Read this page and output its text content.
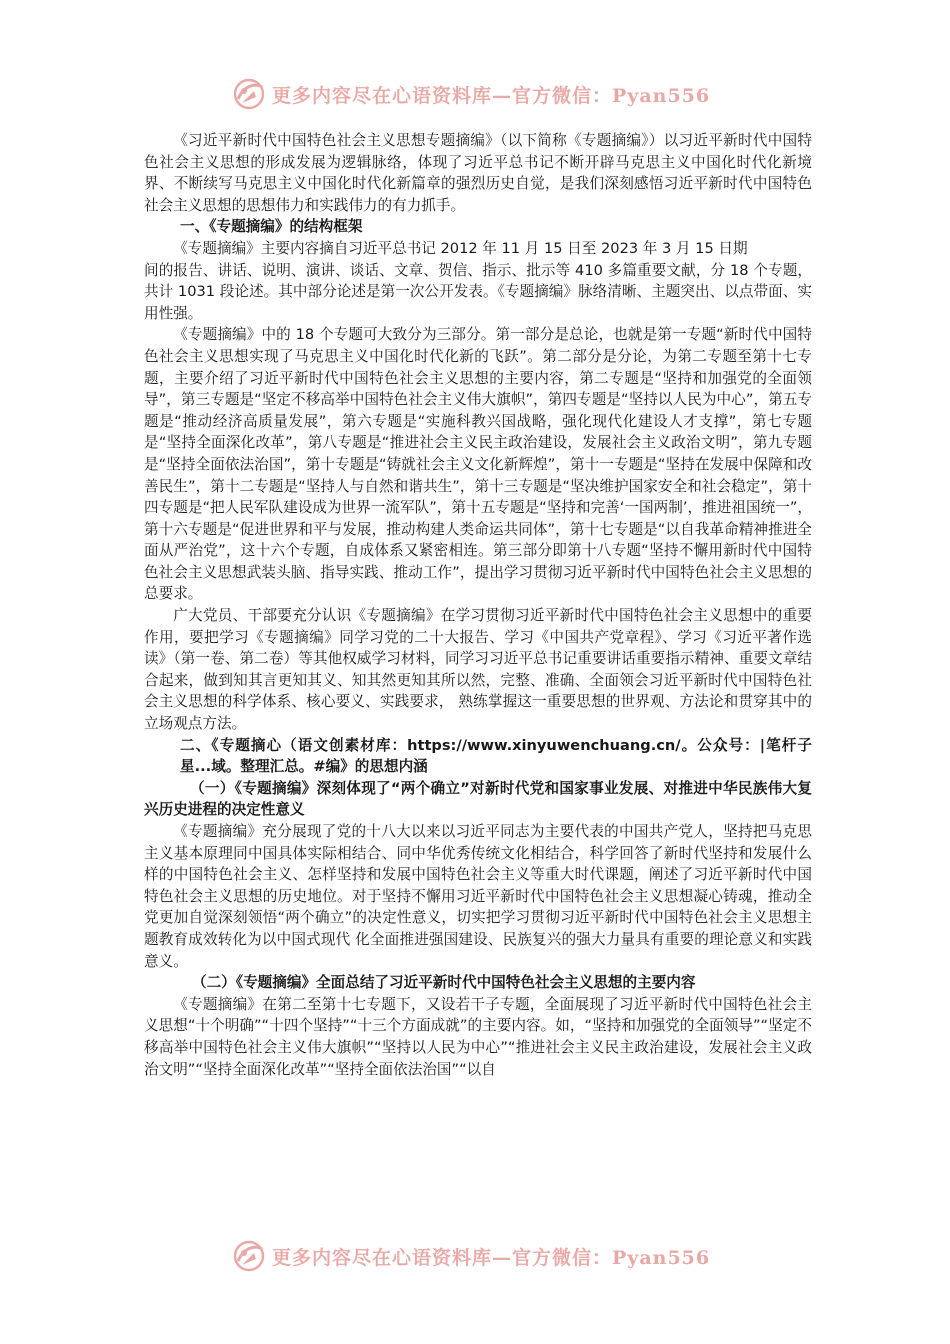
更多内容尽在心语资料库—官方微信：Pyan556

《习近平新时代中国特色社会主义思想专题摘编》（以下简称《专题摘编》）以习近平新时代中国特色社会主义思想的形成发展为逻辑脉络，体现了习近平总书记不断开辟马克思主义中国化时代化新境界、不断续写马克思主义中国化时代化新篇章的强烈历史自觉，是我们深刻感悟习近平新时代中国特色社会主义思想的思想伟力和实践伟力的有力抓手。

一、《专题摘编》的结构框架

《专题摘编》主要内容摘自习近平总书记 2012 年 11 月 15 日至 2023 年 3 月 15 日期

间的报告、讲话、说明、演讲、谈话、文章、贺信、指示、批示等 410 多篇重要文献，分 18 个专题，共计 1031 段论述。其中部分论述是第一次公开发表。《专题摘编》脉络清晰、主题突出、以点带面、实用性强。

《专题摘编》中的 18 个专题可大致分为三部分。第一部分是总论，也就是第一专题“新时代中国特色社会主义思想实现了马克思主义中国化时代化新的飞跃”。第二部分是分论，为第二专题至第十七专题，主要介绍了习近平新时代中国特色社会主义思想的主要内容，第二专题是“坚持和加强党的全面领导”，第三专题是“坚定不移高举中国特色社会主义伟大旗帜”，第四专题是“坚持以人民为中心”，第五专题是“推动经济高质量发展”，第六专题是“实施科教兴国战略，强化现代化建设人才支撑”，第七专题是“坚持全面深化改革”，第八专题是“推进社会主义民主政治建设，发展社会主义政治文明”，第九专题是“坚持全面依法治国”，第十专题是“铸就社会主义文化新辉煌”，第十一专题是“坚持在发展中保障和改善民生”，第十二专题是“坚持人与自然和谐共生”，第十三专题是“坚决维护国家安全和社会稳定”，第十四专题是“把人民军队建设成为世界一流军队”，第十五专题是“坚持和完善‘一国两制’，推进祖国统一”，第十六专题是“促进世界和平与发展，推动构建人类命运共同体”，第十七专题是“以自我革命精神推进全面从严治党”，这十六个专题，自成体系又紧密相连。第三部分即第十八专题“坚持不懈用新时代中国特色社会主义思想武装头脑、指导实践、推动工作”，提出学习贯彻习近平新时代中国特色社会主义思想的总要求。

广大党员、干部要充分认识《专题摘编》在学习贯彻习近平新时代中国特色社会主义思想中的重要作用，要把学习《专题摘编》同学习党的二十大报告、学习《中国共产党章程》、学习《习近平著作选读》（第一卷、第二卷）等其他权威学习材料，同学习习近平总书记重要讲话重要指示精神、重要文章结合起来，做到知其言更知其义、知其然更知其所以然，完整、准确、全面领会习近平新时代中国特色社会主义思想的科学体系、核心要义、实践要求， 熟练掌握这一重要思想的世界观、方法论和贯穿其中的立场观点方法。

二、《专题摘心（语文创素材库：https://www.xinyuwenchuang.cn/。公众号：|笔杆子星...域。整理汇总。#编》的思想内涵

（一）《专题摘编》深刻体现了“两个确立”对新时代党和国家事业发展、对推进中华民族伟大复兴历史进程的决定性意义

《专题摘编》充分展现了党的十八大以来以习近平同志为主要代表的中国共产党人，坚持把马克思主义基本原理同中国具体实际相结合、同中华优秀传统文化相结合，科学回答了新时代坚持和发展什么样的中国特色社会主义、怎样坚持和发展中国特色社会主义等重大时代课题，阐述了习近平新时代中国特色社会主义思想的历史地位。对于坚持不懈用习近平新时代中国特色社会主义思想凝心铸魂，推动全党更加自觉深刻领悟“两个确立”的决定性意义，切实把学习贯彻习近平新时代中国特色社会主义思想主题教育成效转化为以中国式现代 化全面推进强国建设、民族复兴的强大力量具有重要的理论意义和实践意义。

（二）《专题摘编》全面总结了习近平新时代中国特色社会主义思想的主要内容

《专题摘编》在第二至第十七专题下，又设若干子专题，全面展现了习近平新时代中国特色社会主义思想“十个明确”“十四个坚持”“十三个方面成就”的主要内容。如，“坚持和加强党的全面领导”“坚定不移高举中国特色社会主义伟大旗帜”“坚持以人民为中心”“推进社会主义民主政治建设，发展社会主义政治文明”“坚持全面深化改革”“坚持全面依法治国”“以自

更多内容尽在心语资料库—官方微信：Pyan556
